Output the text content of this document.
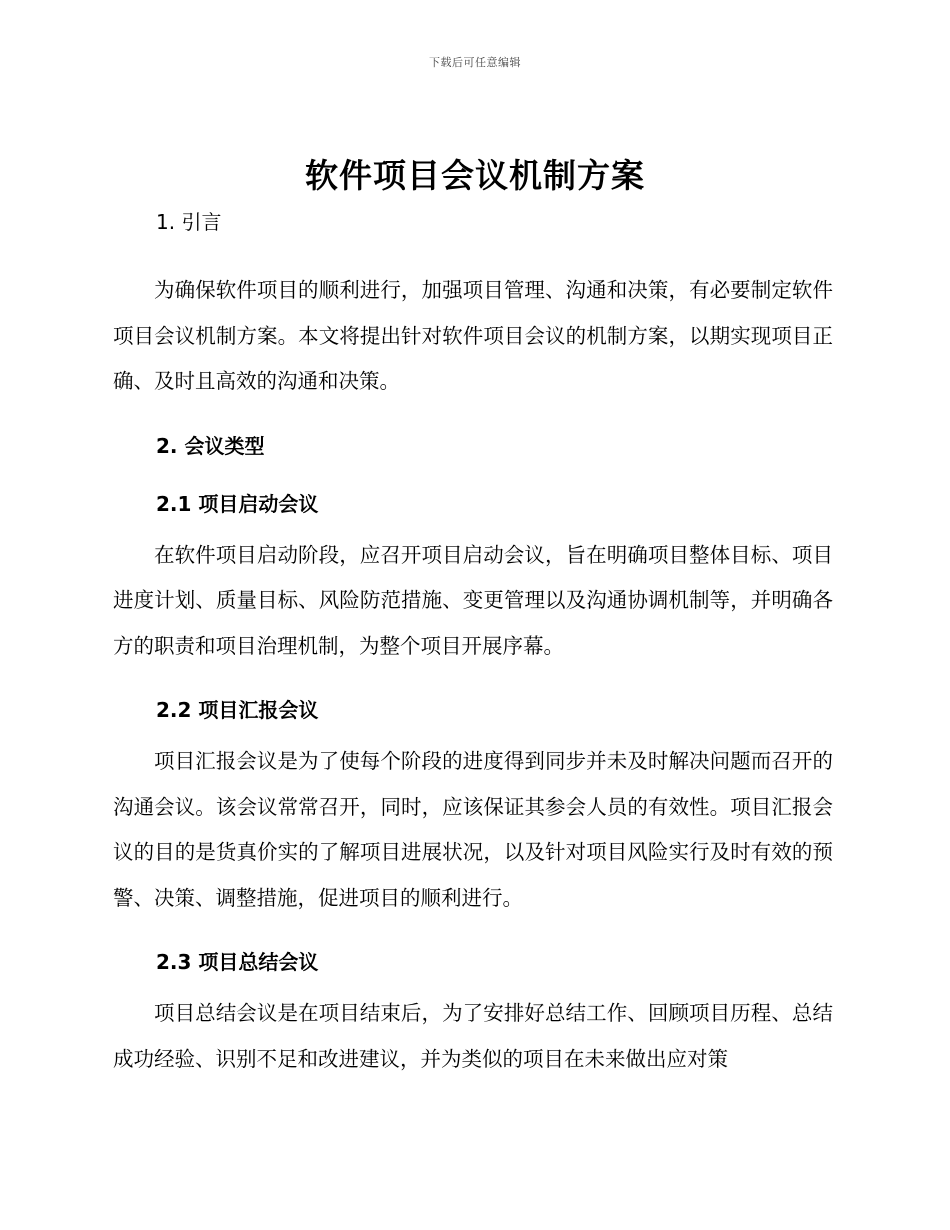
下载后可任意编辑
软件项目会议机制方案
1. 引言

为确保软件项目的顺利进行，加强项目管理、沟通和决策，有必要制定软件项目会议机制方案。本文将提出针对软件项目会议的机制方案，以期实现项目正确、及时且高效的沟通和决策。

2. 会议类型
2.1 项目启动会议

在软件项目启动阶段，应召开项目启动会议，旨在明确项目整体目标、项目进度计划、质量目标、风险防范措施、变更管理以及沟通协调机制等，并明确各方的职责和项目治理机制，为整个项目开展序幕。

2.2 项目汇报会议

项目汇报会议是为了使每个阶段的进度得到同步并未及时解决问题而召开的沟通会议。该会议常常召开，同时，应该保证其参会人员的有效性。项目汇报会议的目的是货真价实的了解项目进展状况，以及针对项目风险实行及时有效的预警、决策、调整措施，促进项目的顺利进行。

2.3 项目总结会议

项目总结会议是在项目结束后，为了安排好总结工作、回顾项目历程、总结成功经验、识别不足和改进建议，并为类似的项目在未来做出应对策
